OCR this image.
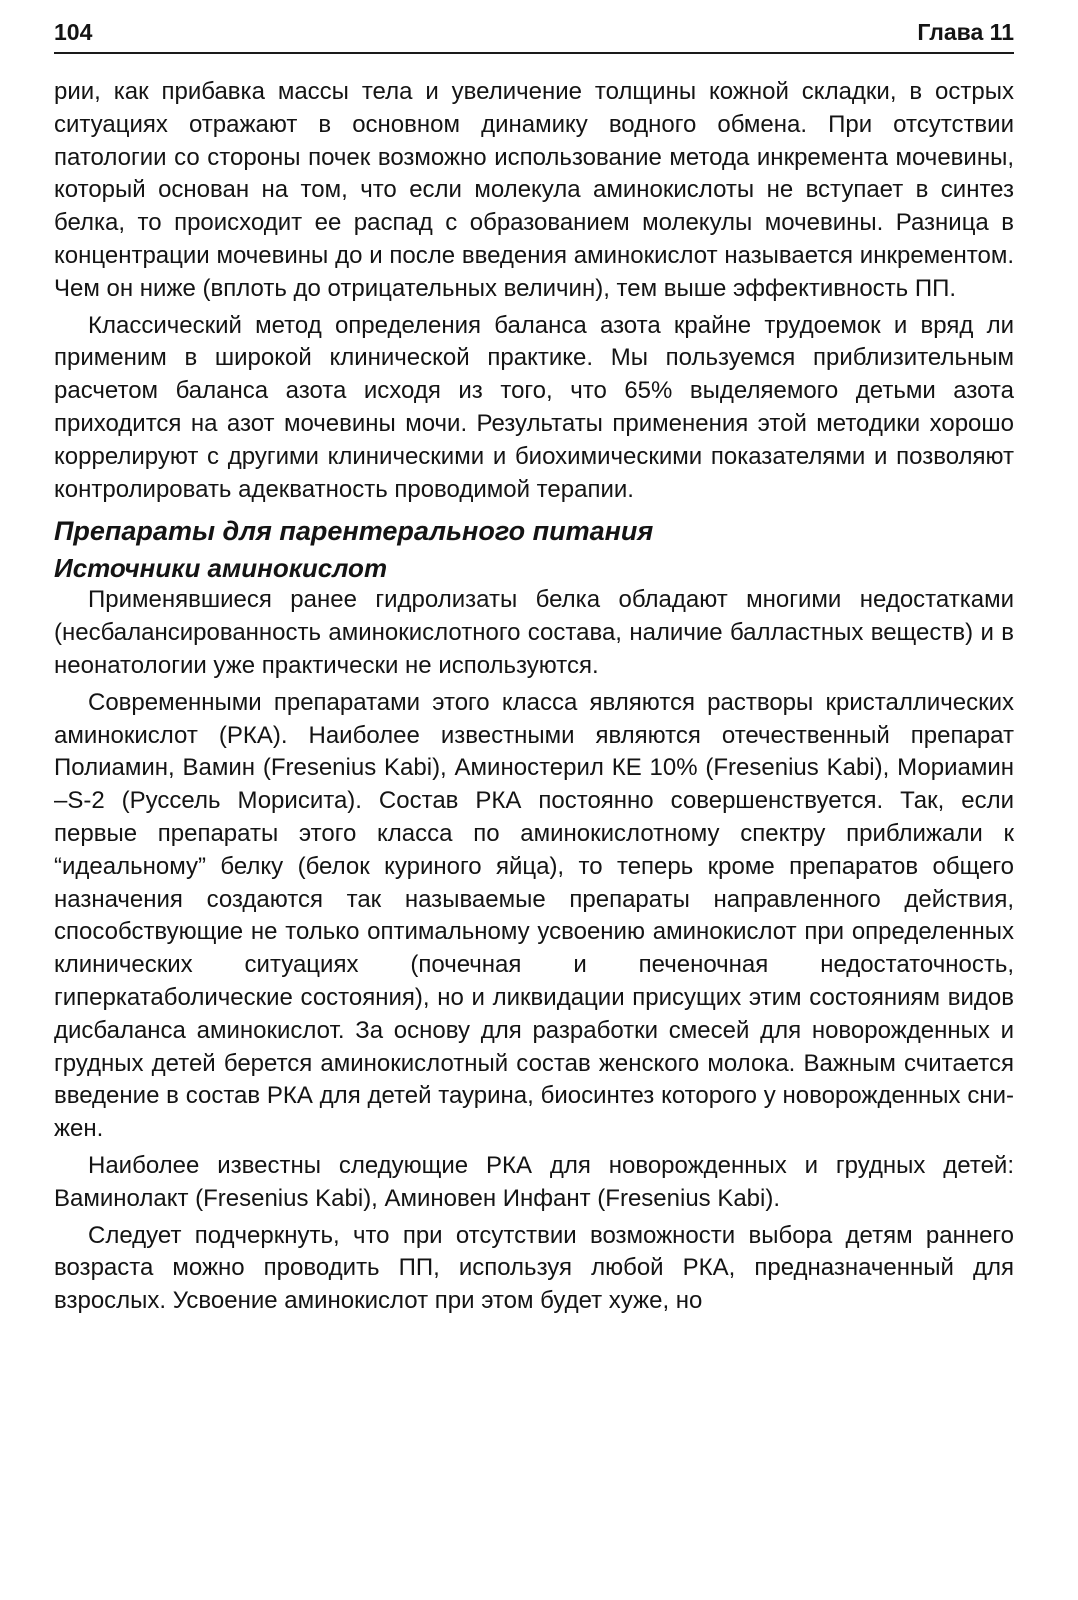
104	Глава 11

рии, как прибавка массы тела и увеличение толщины кожной складки, в острых ситуациях отражают в основном динамику водного обмена. При отсутствии патологии со стороны почек возможно использование метода инкремента мочевины, который основан на том, что если молекула аминокислоты не вступает в синтез белка, то происходит ее распад с образованием молекулы мочевины. Разница в концентрации мочевины до и после введения аминокислот называется инкрементом. Чем он ниже (вплоть до отрицательных величин), тем выше эффективность ПП.

Классический метод определения баланса азота крайне трудоемок и вряд ли применим в широкой клинической практике. Мы пользуемся приблизительным расчетом баланса азота исходя из того, что 65% выделяемого детьми азота приходится на азот мочевины мочи. Результаты применения этой методики хорошо коррелируют с другими клиническими и биохимическими показателями и позволяют контролировать адекватность проводимой терапии.

Препараты для парентерального питания
Источники аминокислот

Применявшиеся ранее гидролизаты белка обладают многими недостатками (несбалансированность аминокислотного состава, наличие балластных веществ) и в неонатологии уже практически не используются.

Современными препаратами этого класса являются растворы кристаллических аминокислот (РКА). Наиболее известными являются отечественный препарат Полиамин, Вамин (Fresenius Kabi), Аминостерил КЕ 10% (Fresenius Kabi), Мориамин –S-2 (Руссель Морисита). Состав РКА постоянно совершенствуется. Так, если первые препараты этого класса по аминокислотному спектру приближали к “идеальному” белку (белок куриного яйца), то теперь кроме препаратов общего назначения создаются так называемые препараты направленного действия, способствующие не только оптимальному усвоению аминокислот при определенных клинических ситуациях (почечная и печеночная недостаточность, гиперкатаболические состояния), но и ликвидации присущих этим состояниям видов дисбаланса аминокислот. За основу для разработки смесей для новорожденных и грудных детей берется аминокислотный состав женского молока. Важным считается введение в состав РКА для детей таурина, биосинтез которого у новорожденных снижен.

Наиболее известны следующие РКА для новорожденных и грудных детей: Ваминолакт (Fresenius Kabi), Аминовен Инфант (Fresenius Kabi).

Следует подчеркнуть, что при отсутствии возможности выбора детям раннего возраста можно проводить ПП, используя любой РКА, предназначенный для взрослых. Усвоение аминокислот при этом будет хуже, но
